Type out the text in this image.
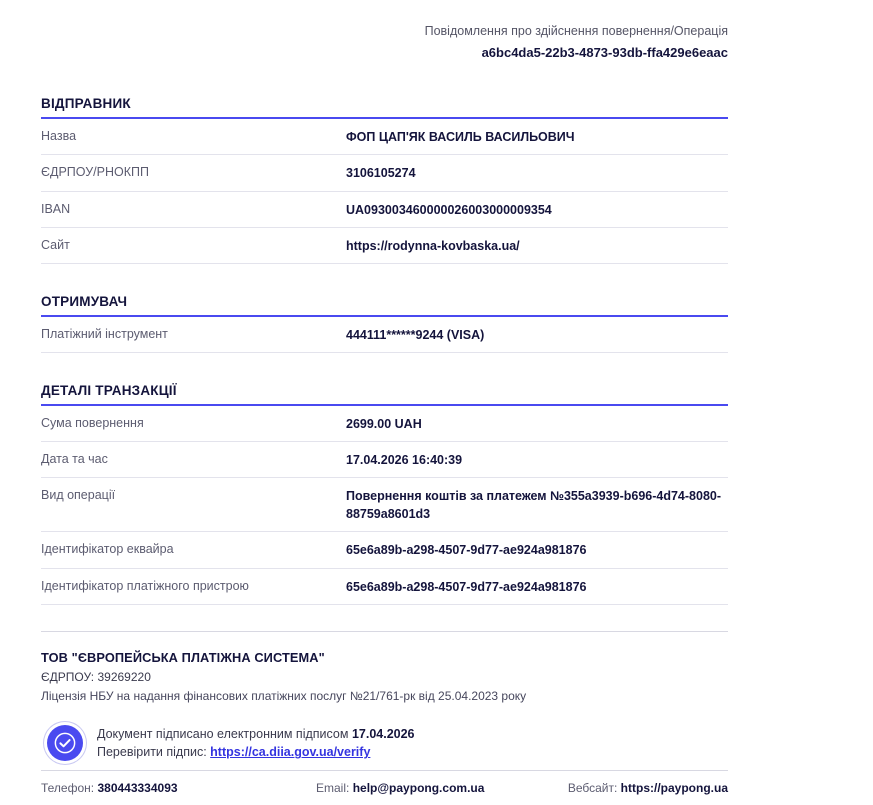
Повідомлення про здійснення повернення/Операція
a6bc4da5-22b3-4873-93db-ffa429e6eaac
ВІДПРАВНИК
Назва	ФОП ЦАП'ЯК ВАСИЛЬ ВАСИЛЬОВИЧ
ЄДРПОУ/РНОКПП	3106105274
IBAN	UA093003460000026003000009354
Сайт	https://rodynna-kovbaska.ua/
ОТРИМУВАЧ
Платіжний інструмент	444111******9244 (VISA)
ДЕТАЛІ ТРАНЗАКЦІЇ
Сума повернення	2699.00 UAH
Дата та час	17.04.2026 16:40:39
Вид операції	Повернення коштів за платежем №355a3939-b696-4d74-8080-88759a8601d3
Ідентифікатор еквайра	65e6a89b-a298-4507-9d77-ae924a981876
Ідентифікатор платіжного пристрою	65e6a89b-a298-4507-9d77-ae924a981876
ТОВ "ЄВРОПЕЙСЬКА ПЛАТІЖНА СИСТЕМА"
ЄДРПОУ: 39269220
Ліцензія НБУ на надання фінансових платіжних послуг №21/761-рк від 25.04.2023 року
Документ підписано електронним підписом 17.04.2026
Перевірити підпис: https://ca.diia.gov.ua/verify
Телефон: 380443334093	Email: help@paypong.com.ua	Вебсайт: https://paypong.ua
